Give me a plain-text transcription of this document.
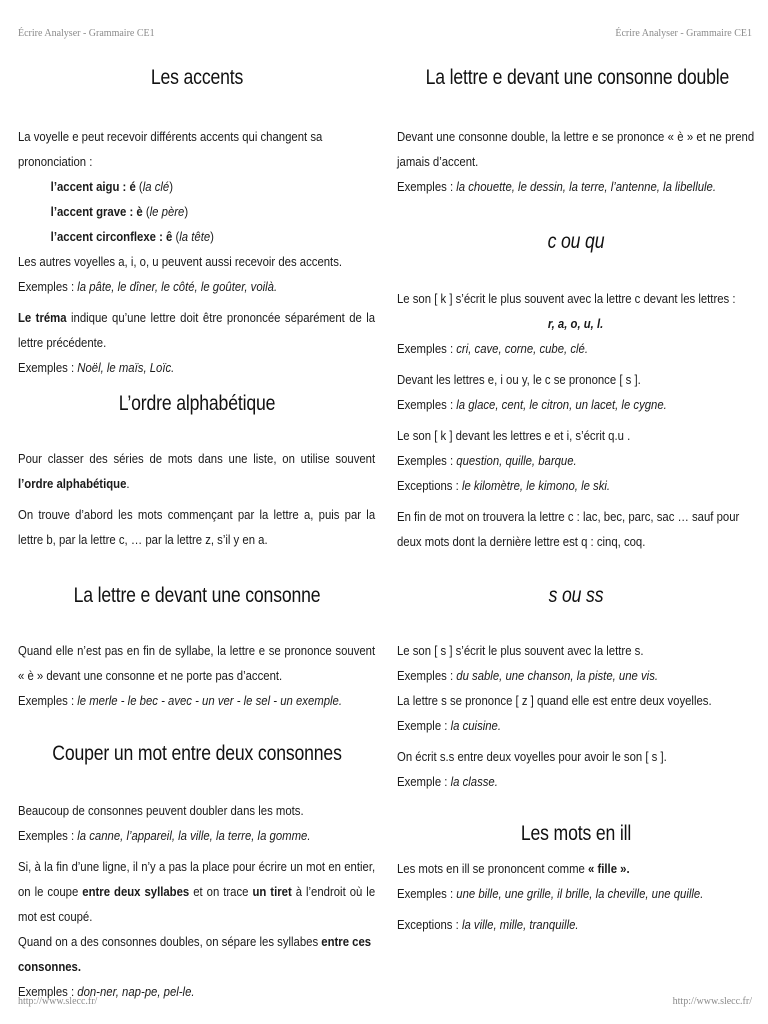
Écrire Analyser - Grammaire CE1	Écrire Analyser - Grammaire CE1
Les accents

La voyelle e peut recevoir différents accents qui changent sa prononciation :

l’accent aigu : é (la clé)

l’accent grave : è (le père)

l’accent circonflexe : ê (la tête)

Les autres voyelles a, i, o, u peuvent aussi recevoir des accents.

Exemples : la pâte, le dîner, le côté, le goûter, voilà.

Le tréma indique qu’une lettre doit être prononcée séparément de la lettre précédente.

Exemples : Noël, le maïs, Loïc.

L’ordre alphabétique

Pour classer des séries de mots dans une liste, on utilise souvent l’ordre alphabétique.

On trouve d’abord les mots commençant par la lettre a, puis par la lettre b, par la lettre c, … par la lettre z, s’il y en a.

La lettre e devant une consonne

Quand elle n’est pas en fin de syllabe, la lettre e se prononce souvent « è » devant une consonne et ne porte pas d’accent.

Exemples : le merle - le bec - avec - un ver - le sel - un exemple.

Couper un mot entre deux consonnes

Beaucoup de consonnes peuvent doubler dans les mots.

Exemples : la canne, l’appareil, la ville, la terre, la gomme.

Si, à la fin d’une ligne, il n’y a pas la place pour écrire un mot en entier, on le coupe entre deux syllabes et on trace un tiret à l’endroit où le mot est coupé.

Quand on a des consonnes doubles, on sépare les syllabes entre ces consonnes.

Exemples : don-ner, nap-pe, pel-le.

La lettre e devant une consonne double

Devant une consonne double, la lettre e se prononce « è » et ne prend jamais d’accent.

Exemples : la chouette, le dessin, la terre, l’antenne, la libellule.

c ou qu

Le son [ k ] s’écrit le plus souvent avec la lettre c devant les lettres :

r, a, o, u, l.

Exemples : cri, cave, corne, cube, clé.

Devant les lettres e, i ou y, le c se prononce [ s ].

Exemples : la glace, cent, le citron, un lacet, le cygne.

Le son [ k ] devant les lettres e et i, s’écrit q.u .

Exemples : question, quille, barque.

Exceptions : le kilomètre, le kimono, le ski.

En fin de mot on trouvera la lettre c : lac, bec, parc, sac … sauf pour deux mots dont la dernière lettre est q : cinq, coq.

s ou ss

Le son [ s ] s’écrit le plus souvent avec la lettre s.

Exemples : du sable, une chanson, la piste, une vis.

La lettre s se prononce [ z ] quand elle est entre deux voyelles.

Exemple : la cuisine.

On écrit s.s entre deux voyelles pour avoir le son [ s ].

Exemple : la classe.

Les mots en ill

Les mots en ill se prononcent comme « fille ».

Exemples : une bille, une grille, il brille, la cheville, une quille.

Exceptions : la ville, mille, tranquille.

http://www.slecc.fr/	http://www.slecc.fr/
